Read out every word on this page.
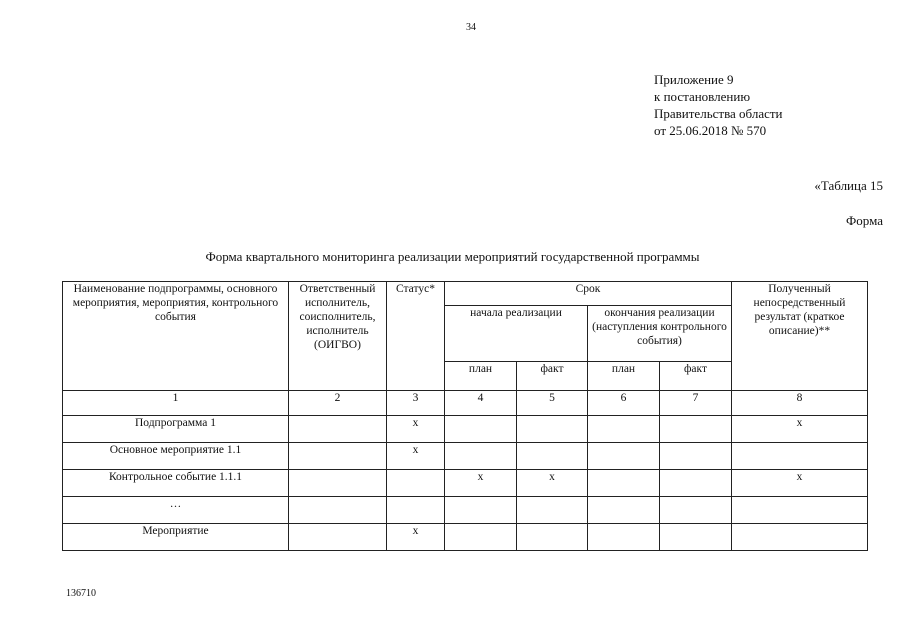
34
Приложение 9
к постановлению
Правительства области
от 25.06.2018 № 570
«Таблица 15
Форма
Форма квартального мониторинга реализации мероприятий государственной программы
Наименование подпрограммы, основного мероприятия, мероприятия, контрольного события	Ответственный исполнитель, соисполнитель, исполнитель (ОИГВО)	Статус*	Срок				Полученный непосредственный результат (краткое описание)**
			начала реализации		окончания реализации (наступления контрольного события)		
			план	факт	план	факт	
1	2	3	4	5	6	7	8
Подпрограмма 1		х					х
Основное мероприятие 1.1		х					
Контрольное событие 1.1.1			х	х			х
…							
Мероприятие		х					
136710
